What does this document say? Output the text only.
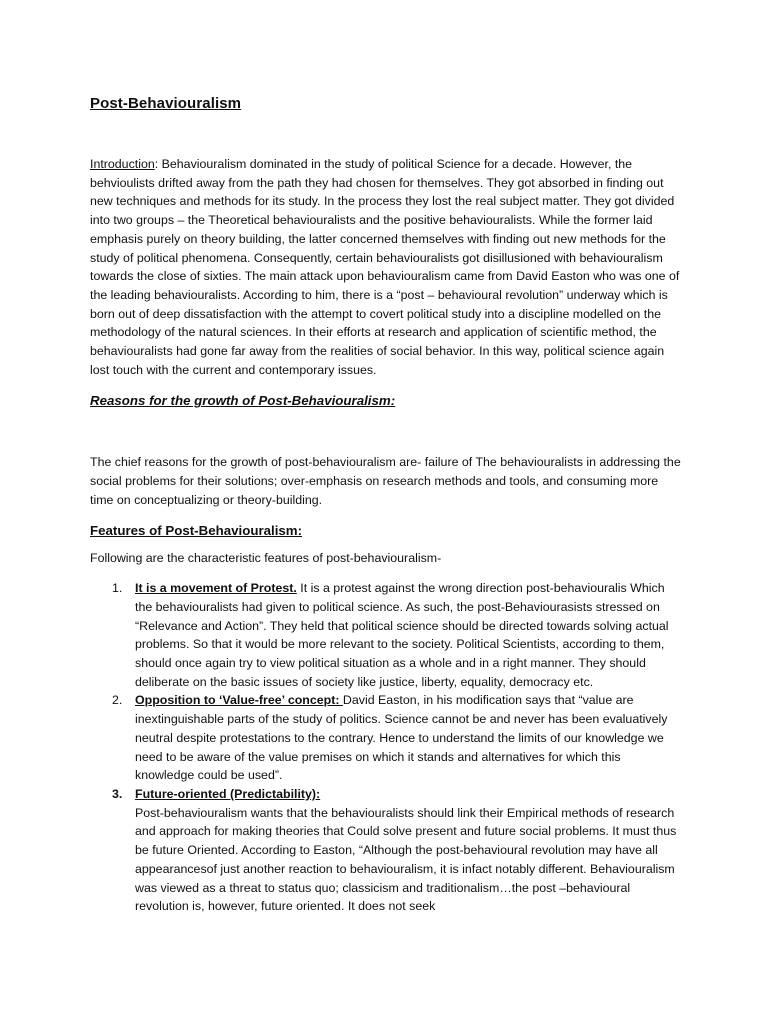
Post-Behaviouralism

Introduction: Behaviouralism dominated in the study of political Science for a decade. However, the behvioulists drifted away from the path they had chosen for themselves. They got absorbed in finding out new techniques and methods for its study. In the process they lost the real subject matter. They got divided into two groups – the Theoretical behaviouralists and the positive behaviouralists. While the former laid emphasis purely on theory building, the latter concerned themselves with finding out new methods for the study of political phenomena. Consequently, certain behaviouralists got disillusioned with behaviouralism towards the close of sixties. The main attack upon behaviouralism came from David Easton who was one of the leading behaviouralists. According to him, there is a “post – behavioural revolution” underway which is born out of deep dissatisfaction with the attempt to covert political study into a discipline modelled on the methodology of the natural sciences. In their efforts at research and application of scientific method, the behaviouralists had gone far away from the realities of social behavior. In this way, political science again lost touch with the current and contemporary issues.

Reasons for the growth of Post-Behaviouralism:

The chief reasons for the growth of post-behaviouralism are- failure of The behaviouralists in addressing the social problems for their solutions; over-emphasis on research methods and tools, and consuming more time on conceptualizing or theory-building.

Features of Post-Behaviouralism:

Following are the characteristic features of post-behaviouralism-

1. It is a movement of Protest. It is a protest against the wrong direction post-behaviouralis Which the behaviouralists had given to political science. As such, the post-Behaviourasists stressed on “Relevance and Action”. They held that political science should be directed towards solving actual problems. So that it would be more relevant to the society. Political Scientists, according to them, should once again try to view political situation as a whole and in a right manner. They should deliberate on the basic issues of society like justice, liberty, equality, democracy etc.
2. Opposition to ‘Value-free’ concept: David Easton, in his modification says that “value are inextinguishable parts of the study of politics. Science cannot be and never has been evaluatively neutral despite protestations to the contrary. Hence to understand the limits of our knowledge we need to be aware of the value premises on which it stands and alternatives for which this knowledge could be used”.
3. Future-oriented (Predictability):
Post-behaviouralism wants that the behaviouralists should link their Empirical methods of research and approach for making theories that Could solve present and future social problems. It must thus be future Oriented. According to Easton, “Although the post-behavioural revolution may have all appearancesof just another reaction to behaviouralism, it is infact notably different. Behaviouralism was viewed as a threat to status quo; classicism and traditionalism…the post –behavioural revolution is, however, future oriented. It does not seek
